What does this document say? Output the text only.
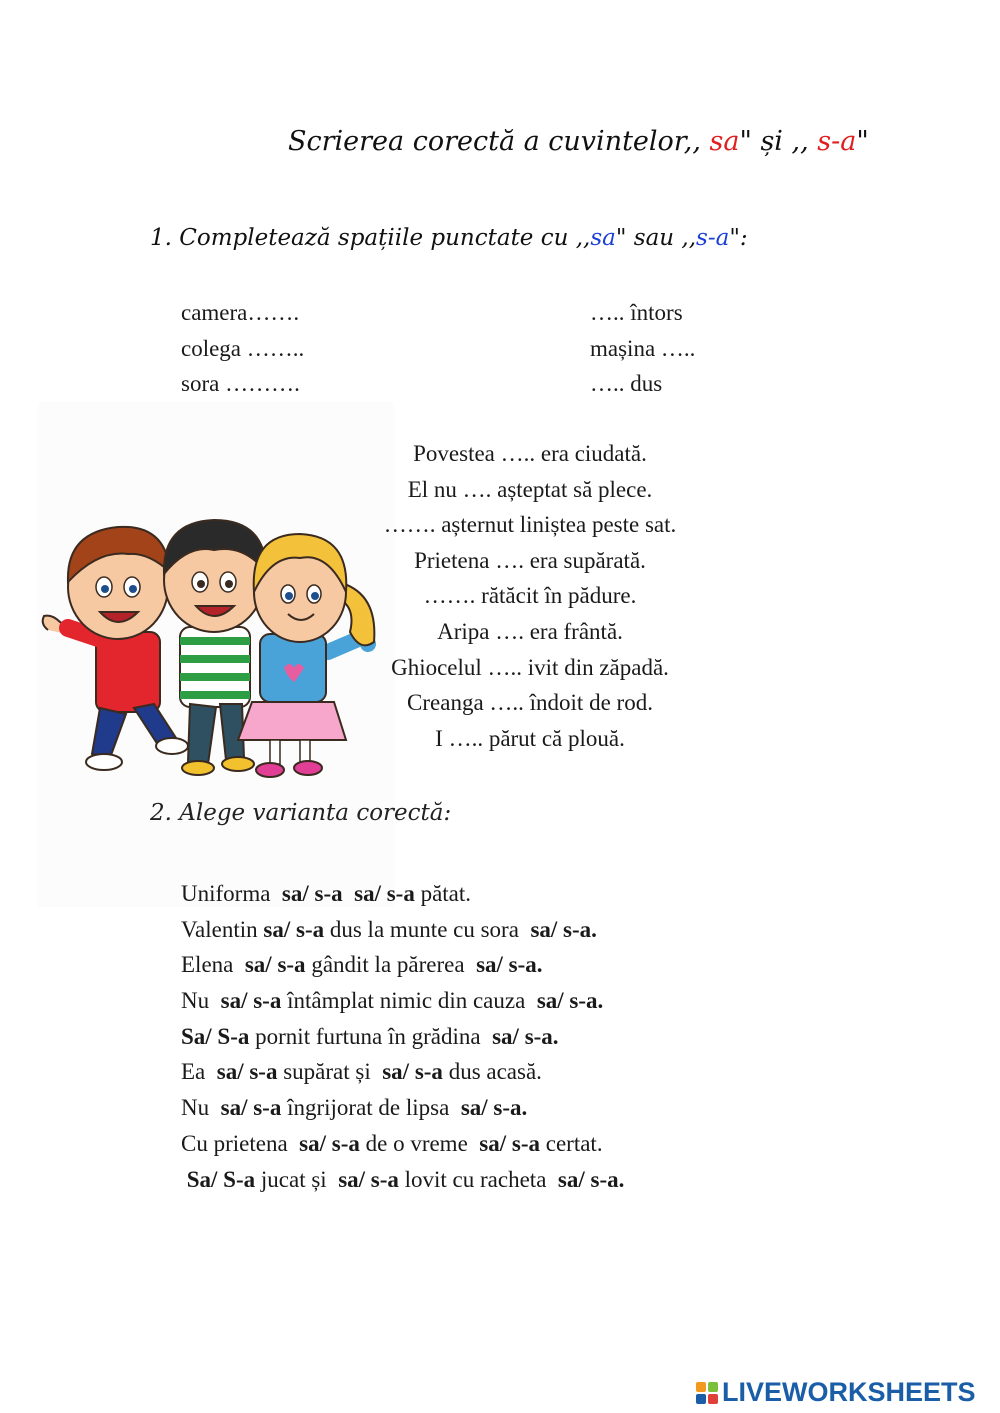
Scrierea corectă a cuvintelor,, sa" și ,, s-a"
1. Completează spațiile punctate cu ,,sa" sau ,,s-a":
camera…….
colega ……..
sora ……….
….. întors
mașina …..
….. dus
Povestea ….. era ciudată.
El nu …. așteptat să plece.
……. așternut liniștea peste sat.
Prietena …. era supărată.
……. rătăcit în pădure.
Aripa …. era frântă.
Ghiocelul ….. ivit din zăpadă.
Creanga ….. îndoit de rod.
I ….. părut că plouă.
2. Alege varianta corectă:
Uniforma  sa/ s-a  sa/ s-a pătat.
Valentin sa/ s-a dus la munte cu sora  sa/ s-a.
Elena  sa/ s-a gândit la părerea  sa/ s-a.
Nu  sa/ s-a întâmplat nimic din cauza  sa/ s-a.
Sa/ S-a pornit furtuna în grădina  sa/ s-a.
Ea  sa/ s-a supărat și  sa/ s-a dus acasă.
Nu  sa/ s-a îngrijorat de lipsa  sa/ s-a.
Cu prietena  sa/ s-a de o vreme  sa/ s-a certat.
Sa/ S-a jucat și  sa/ s-a lovit cu racheta  sa/ s-a.
LIVEWORKSHEETS
